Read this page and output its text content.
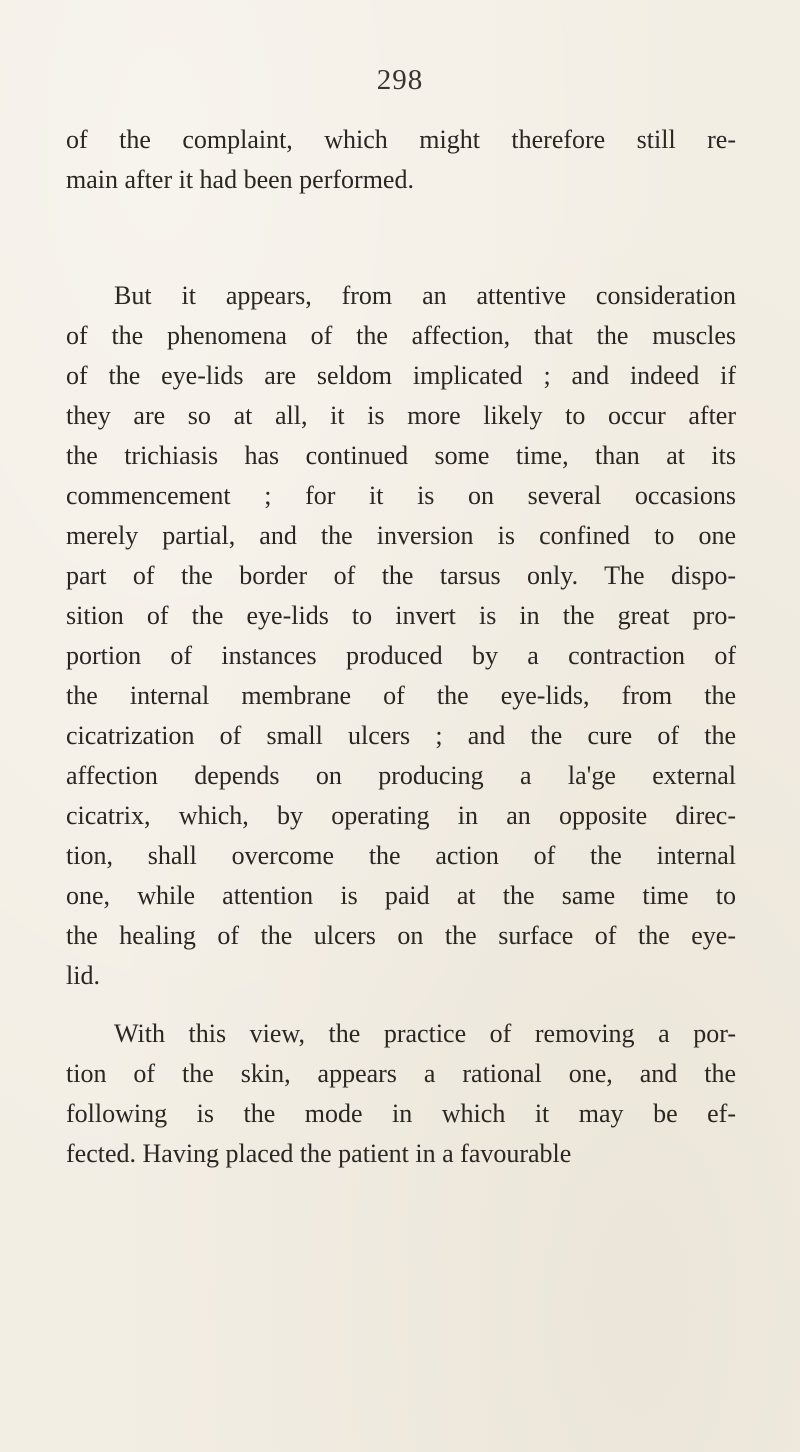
298

of the complaint, which might therefore still re-
main after it had been performed.

But it appears, from an attentive consideration
of the phenomena of the affection, that the muscles
of the eye-lids are seldom implicated ; and indeed if
they are so at all, it is more likely to occur after
the trichiasis has continued some time, than at its
commencement ; for it is on several occasions
merely partial, and the inversion is confined to one
part of the border of the tarsus only. The dispo-
sition of the eye-lids to invert is in the great pro-
portion of instances produced by a contraction of
the internal membrane of the eye-lids, from the
cicatrization of small ulcers ; and the cure of the
affection depends on producing a la'ge external
cicatrix, which, by operating in an opposite direc-
tion, shall overcome the action of the internal
one, while attention is paid at the same time to
the healing of the ulcers on the surface of the eye-
lid.

With this view, the practice of removing a por-
tion of the skin, appears a rational one, and the
following is the mode in which it may be ef-
fected. Having placed the patient in a favourable
